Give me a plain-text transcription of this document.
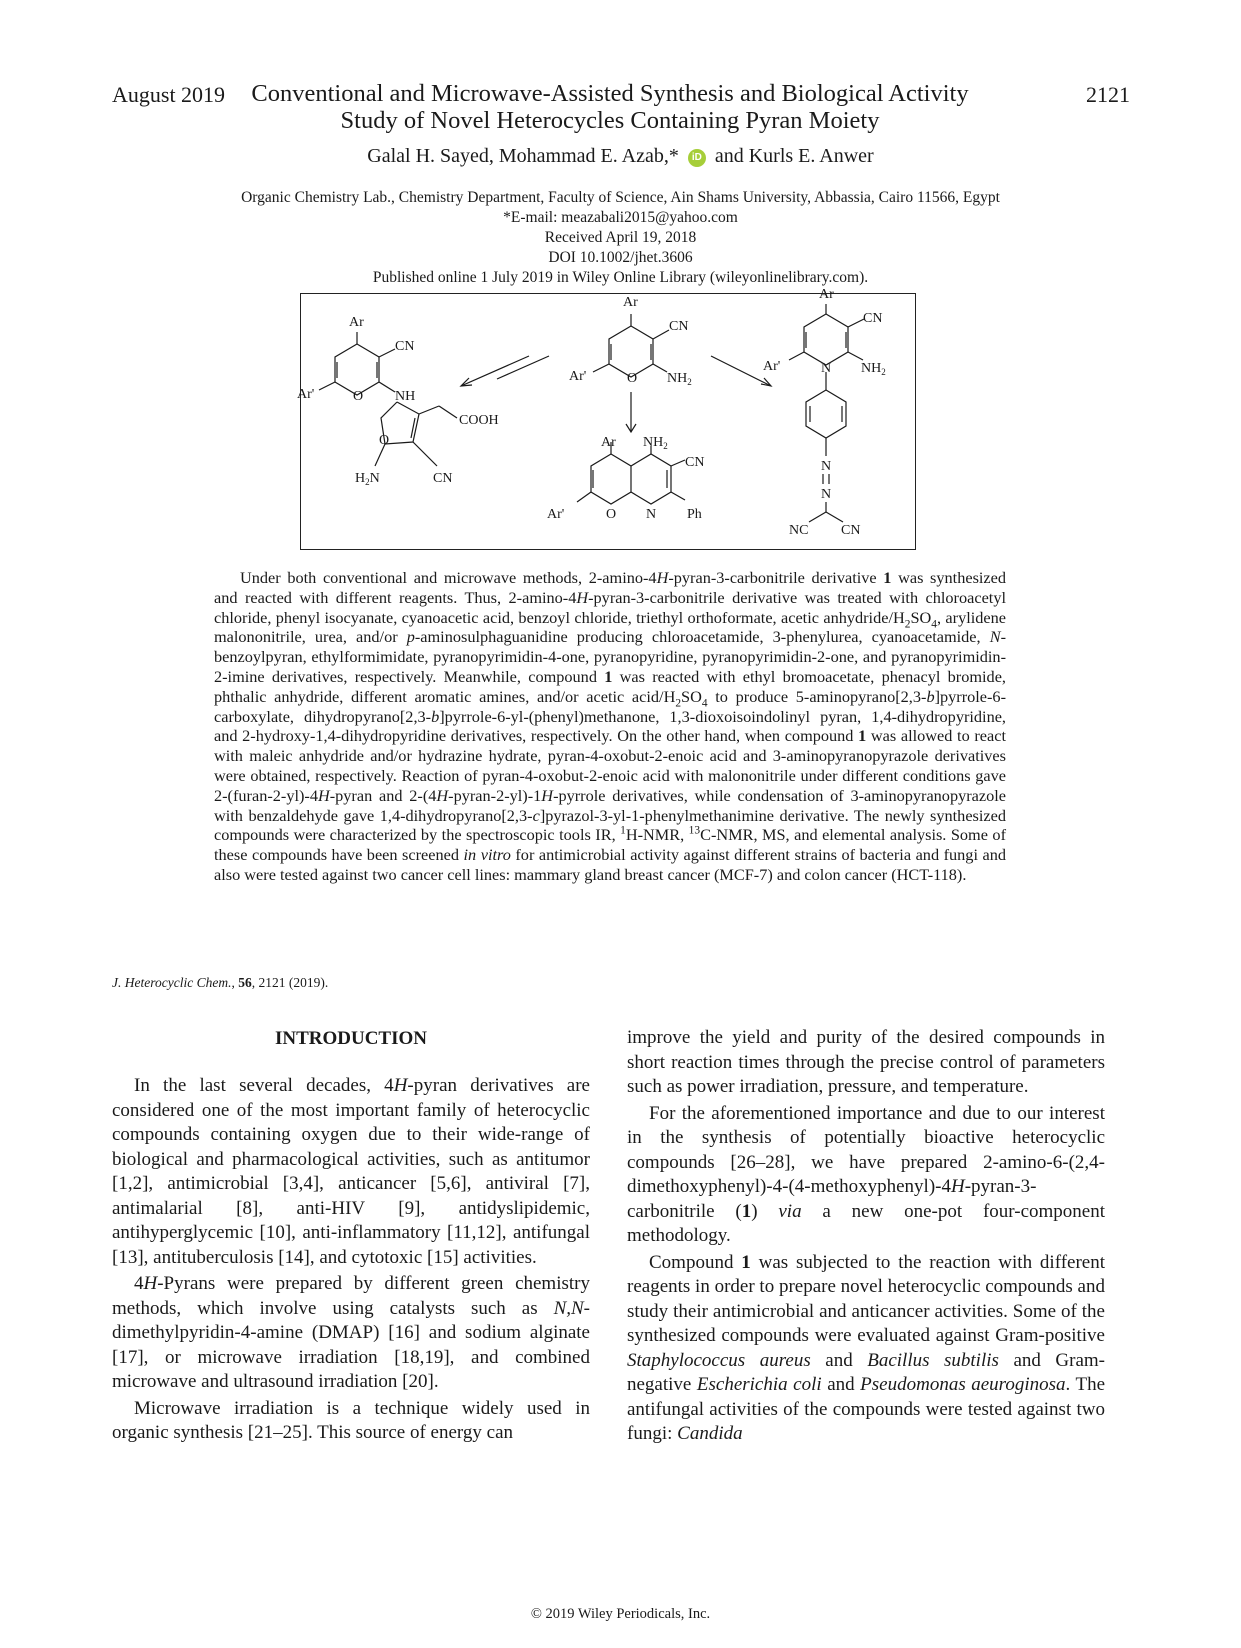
August 2019	2121
Conventional and Microwave-Assisted Synthesis and Biological Activity
Study of Novel Heterocycles Containing Pyran Moiety
Galal H. Sayed, Mohammad E. Azab,* iD and Kurls E. Anwer
Organic Chemistry Lab., Chemistry Department, Faculty of Science, Ain Shams University, Abbassia, Cairo 11566, Egypt
*E-mail: meazabali2015@yahoo.com
Received April 19, 2018
DOI 10.1002/jhet.3606
Published online 1 July 2019 in Wiley Online Library (wileyonlinelibrary.com).
Ar
CN
Ar'	O $NH_2$
Ar
CN
Ar'	O NH
COOH
O
$H_2N$	CN
Ar
CN
Ar'	N $NH_2$
N
N
NC CN
Ar $NH_2$
CN
Ar'	O N Ph

Under both conventional and microwave methods, 2-amino-4H-pyran-3-carbonitrile derivative 1 was synthesized and reacted with different reagents. Thus, 2-amino-4H-pyran-3-carbonitrile derivative was treated with chloroacetyl chloride, phenyl isocyanate, cyanoacetic acid, benzoyl chloride, triethyl orthoformate, acetic anhydride/$H_2SO_4$, arylidene malononitrile, urea, and/or p-aminosulphaguanidine producing chloroacetamide, 3-phenylurea, cyanoacetamide, N-benzoylpyran, ethylformimidate, pyranopyrimidin-4-one, pyranopyridine, pyranopyrimidin-2-one, and pyranopyrimidin-2-imine derivatives, respectively. Meanwhile, compound 1 was reacted with ethyl bromoacetate, phenacyl bromide, phthalic anhydride, different aromatic amines, and/or acetic acid/$H_2SO_4$ to produce 5-aminopyrano[2,3-b]pyrrole-6-carboxylate, dihydropyrano[2,3-b]pyrrole-6-yl-(phenyl)methanone, 1,3-dioxoisoindolinyl pyran, 1,4-dihydropyridine, and 2-hydroxy-1,4-dihydropyridine derivatives, respectively. On the other hand, when compound 1 was allowed to react with maleic anhydride and/or hydrazine hydrate, pyran-4-oxobut-2-enoic acid and 3-aminopyranopyrazole derivatives were obtained, respectively. Reaction of pyran-4-oxobut-2-enoic acid with malononitrile under different conditions gave 2-(furan-2-yl)-4H-pyran and 2-(4H-pyran-2-yl)-1H-pyrrole derivatives, while condensation of 3-aminopyranopyrazole with benzaldehyde gave 1,4-dihydropyrano[2,3-c]pyrazol-3-yl-1-phenylmethanimine derivative. The newly synthesized compounds were characterized by the spectroscopic tools IR, $^1$H-NMR, $^{13}$C-NMR, MS, and elemental analysis. Some of these compounds have been screened in vitro for antimicrobial activity against different strains of bacteria and fungi and also were tested against two cancer cell lines: mammary gland breast cancer (MCF-7) and colon cancer (HCT-118).

J. Heterocyclic Chem., 56, 2121 (2019).
INTRODUCTION

In the last several decades, 4H-pyran derivatives are considered one of the most important family of heterocyclic compounds containing oxygen due to their wide-range of biological and pharmacological activities, such as antitumor [1,2], antimicrobial [3,4], anticancer [5,6], antiviral [7], antimalarial [8], anti-HIV [9], antidyslipidemic, antihyperglycemic [10], anti-inflammatory [11,12], antifungal [13], antituberculosis [14], and cytotoxic [15] activities.

4H-Pyrans were prepared by different green chemistry methods, which involve using catalysts such as N,N-dimethylpyridin-4-amine (DMAP) [16] and sodium alginate [17], or microwave irradiation [18,19], and combined microwave and ultrasound irradiation [20].

Microwave irradiation is a technique widely used in organic synthesis [21–25]. This source of energy can

improve the yield and purity of the desired compounds in short reaction times through the precise control of parameters such as power irradiation, pressure, and temperature.

For the aforementioned importance and due to our interest in the synthesis of potentially bioactive heterocyclic compounds [26–28], we have prepared 2-amino-6-(2,4-dimethoxyphenyl)-4-(4-methoxyphenyl)-4H-pyran-3-carbonitrile (1) via a new one-pot four-component methodology.

Compound 1 was subjected to the reaction with different reagents in order to prepare novel heterocyclic compounds and study their antimicrobial and anticancer activities. Some of the synthesized compounds were evaluated against Gram-positive Staphylococcus aureus and Bacillus subtilis and Gram-negative Escherichia coli and Pseudomonas aeuroginosa. The antifungal activities of the compounds were tested against two fungi: Candida

© 2019 Wiley Periodicals, Inc.
